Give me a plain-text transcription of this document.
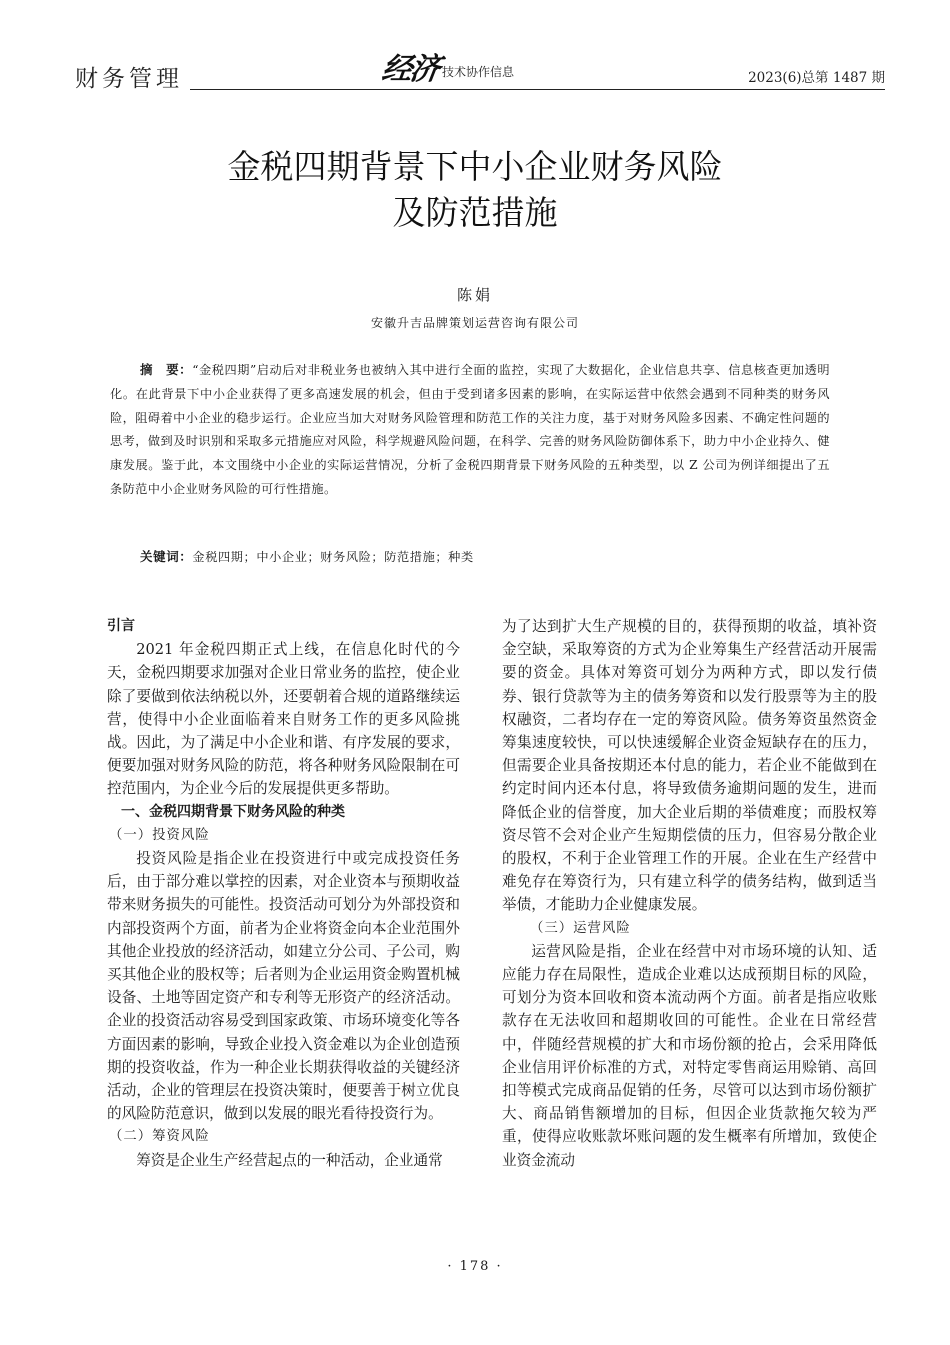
财务管理	经济 技术协作信息	2023(6)总第 1487 期
金税四期背景下中小企业财务风险
及防范措施
陈娟
安徽升吉品牌策划运营咨询有限公司
摘　要：“金税四期”启动后对非税业务也被纳入其中进行全面的监控，实现了大数据化，企业信息共享、信息核查更加透明化。在此背景下中小企业获得了更多高速发展的机会，但由于受到诸多因素的影响，在实际运营中依然会遇到不同种类的财务风险，阻碍着中小企业的稳步运行。企业应当加大对财务风险管理和防范工作的关注力度，基于对财务风险多因素、不确定性问题的思考，做到及时识别和采取多元措施应对风险，科学规避风险问题，在科学、完善的财务风险防御体系下，助力中小企业持久、健康发展。鉴于此，本文围绕中小企业的实际运营情况，分析了金税四期背景下财务风险的五种类型，以 Z 公司为例详细提出了五条防范中小企业财务风险的可行性措施。
关键词：金税四期；中小企业；财务风险；防范措施；种类
引言

2021 年金税四期正式上线，在信息化时代的今天，金税四期要求加强对企业日常业务的监控，使企业除了要做到依法纳税以外，还要朝着合规的道路继续运营，使得中小企业面临着来自财务工作的更多风险挑战。因此，为了满足中小企业和谐、有序发展的要求，便要加强对财务风险的防范，将各种财务风险限制在可控范围内，为企业今后的发展提供更多帮助。

一、金税四期背景下财务风险的种类
（一）投资风险

投资风险是指企业在投资进行中或完成投资任务后，由于部分难以掌控的因素，对企业资本与预期收益带来财务损失的可能性。投资活动可划分为外部投资和内部投资两个方面，前者为企业将资金向本企业范围外其他企业投放的经济活动，如建立分公司、子公司，购买其他企业的股权等；后者则为企业运用资金购置机械设备、土地等固定资产和专利等无形资产的经济活动。企业的投资活动容易受到国家政策、市场环境变化等各方面因素的影响，导致企业投入资金难以为企业创造预期的投资收益，作为一种企业长期获得收益的关键经济活动，企业的管理层在投资决策时，便要善于树立优良的风险防范意识，做到以发展的眼光看待投资行为。

（二）筹资风险

筹资是企业生产经营起点的一种活动，企业通常

为了达到扩大生产规模的目的，获得预期的收益，填补资金空缺，采取筹资的方式为企业筹集生产经营活动开展需要的资金。具体对筹资可划分为两种方式，即以发行债券、银行贷款等为主的债务筹资和以发行股票等为主的股权融资，二者均存在一定的筹资风险。债务筹资虽然资金筹集速度较快，可以快速缓解企业资金短缺存在的压力，但需要企业具备按期还本付息的能力，若企业不能做到在约定时间内还本付息，将导致债务逾期问题的发生，进而降低企业的信誉度，加大企业后期的举债难度；而股权筹资尽管不会对企业产生短期偿债的压力，但容易分散企业的股权，不利于企业管理工作的开展。企业在生产经营中难免存在筹资行为，只有建立科学的债务结构，做到适当举债，才能助力企业健康发展。

（三）运营风险

运营风险是指，企业在经营中对市场环境的认知、适应能力存在局限性，造成企业难以达成预期目标的风险，可划分为资本回收和资本流动两个方面。前者是指应收账款存在无法收回和超期收回的可能性。企业在日常经营中，伴随经营规模的扩大和市场份额的抢占，会采用降低企业信用评价标准的方式，对特定零售商运用赊销、高回扣等模式完成商品促销的任务，尽管可以达到市场份额扩大、商品销售额增加的目标，但因企业货款拖欠较为严重，使得应收账款坏账问题的发生概率有所增加，致使企业资金流动

· 178 ·
